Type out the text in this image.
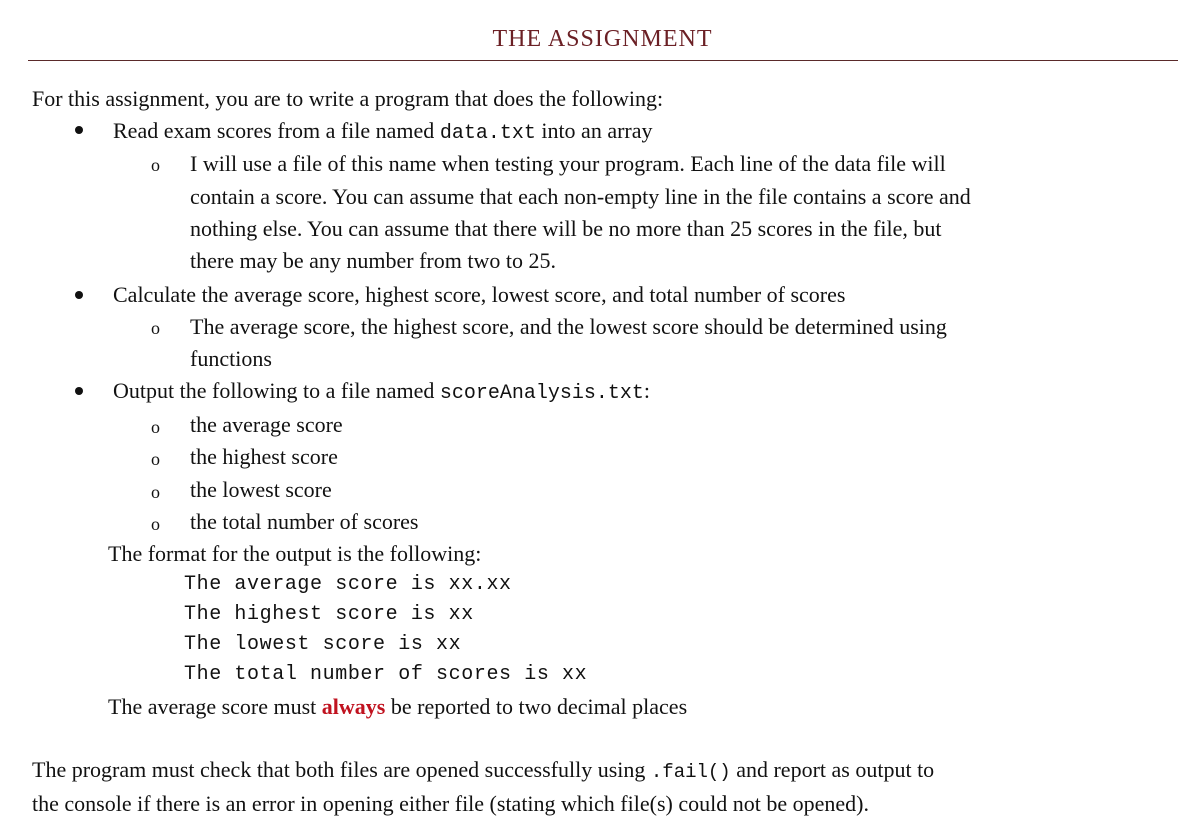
THE ASSIGNMENT
For this assignment, you are to write a program that does the following:
Read exam scores from a file named data.txt into an array
o I will use a file of this name when testing your program. Each line of the data file will
contain a score. You can assume that each non-empty line in the file contains a score and
nothing else. You can assume that there will be no more than 25 scores in the file, but
there may be any number from two to 25.
Calculate the average score, highest score, lowest score, and total number of scores
o The average score, the highest score, and the lowest score should be determined using
functions
Output the following to a file named scoreAnalysis.txt:
o the average score
o the highest score
o the lowest score
o the total number of scores
The format for the output is the following:
The average score is xx.xx
The highest score is xx
The lowest score is xx
The total number of scores is xx
The average score must always be reported to two decimal places
The program must check that both files are opened successfully using .fail() and report as output to
the console if there is an error in opening either file (stating which file(s) could not be opened).
